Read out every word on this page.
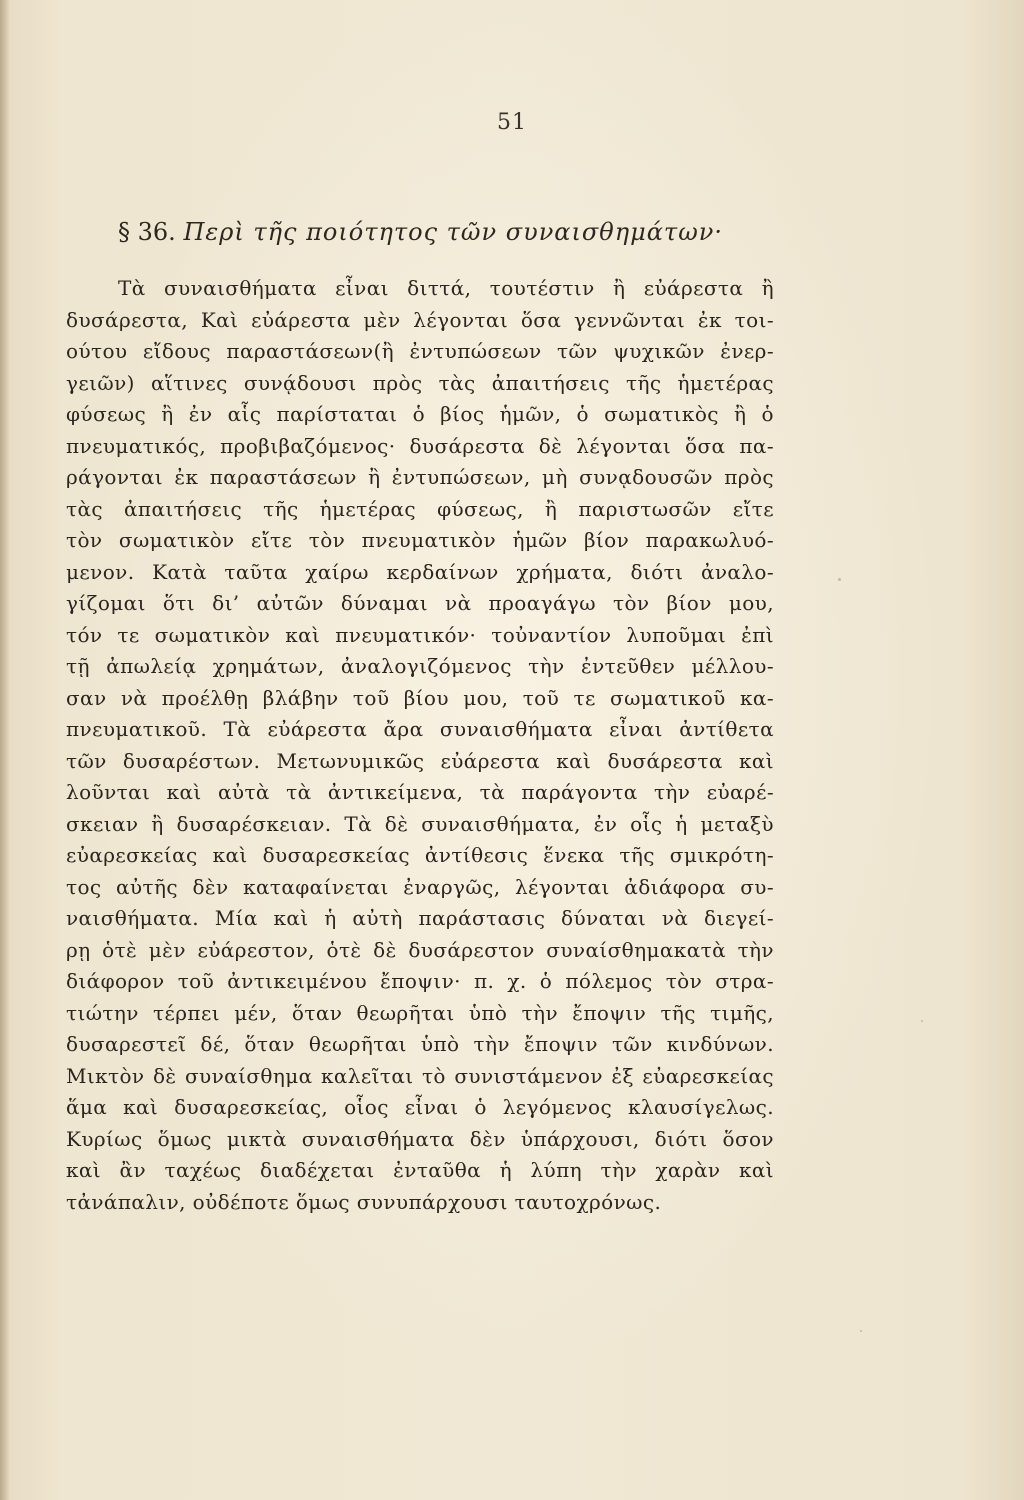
51
§ 36. Περὶ τῆς ποιότητος τῶν συναισθημάτων·
Τὰ συναισθήματα εἶναι διττά, τουτέστιν ἢ εὐάρεστα ἢ
δυσάρεστα, Καὶ εὐάρεστα μὲν λέγονται ὅσα γεννῶνται ἐκ τοι-
ούτου εἴδους παραστάσεων(ἢ ἐντυπώσεων τῶν ψυχικῶν ἐνερ-
γειῶν) αἵτινες συνᾴδουσι πρὸς τὰς ἀπαιτήσεις τῆς ἡμετέρας
φύσεως ἢ ἐν αἷς παρίσταται ὁ βίος ἡμῶν, ὁ σωματικὸς ἢ ὁ
πνευματικός, προβιβαζόμενος· δυσάρεστα δὲ λέγονται ὅσα πα-
ράγονται ἐκ παραστάσεων ἢ ἐντυπώσεων, μὴ συνᾳδουσῶν πρὸς
τὰς ἀπαιτήσεις τῆς ἡμετέρας φύσεως, ἢ παριστωσῶν εἴτε
τὸν σωματικὸν εἴτε τὸν πνευματικὸν ἡμῶν βίον παρακωλυό-
μενον. Κατὰ ταῦτα χαίρω κερδαίνων χρήματα, διότι ἀναλο-
γίζομαι ὅτι δι’ αὐτῶν δύναμαι νὰ προαγάγω τὸν βίον μου,
τόν τε σωματικὸν καὶ πνευματικόν· τοὐναντίον λυποῦμαι ἐπὶ
τῇ ἀπωλείᾳ χρημάτων, ἀναλογιζόμενος τὴν ἐντεῦθεν μέλλου-
σαν νὰ προέλθῃ βλάβην τοῦ βίου μου, τοῦ τε σωματικοῦ κα-
πνευματικοῦ. Τὰ εὐάρεστα ἄρα συναισθήματα εἶναι ἀντίθετα
τῶν δυσαρέστων. Μετωνυμικῶς εὐάρεστα καὶ δυσάρεστα καὶ
λοῦνται καὶ αὐτὰ τὰ ἀντικείμενα, τὰ παράγοντα τὴν εὐαρέ-
σκειαν ἢ δυσαρέσκειαν. Τὰ δὲ συναισθήματα, ἐν οἷς ἡ μεταξὺ
εὐαρεσκείας καὶ δυσαρεσκείας ἀντίθεσις ἕνεκα τῆς σμικρότη-
τος αὐτῆς δὲν καταφαίνεται ἐναργῶς, λέγονται ἀδιάφορα συ-
ναισθήματα. Μία καὶ ἡ αὐτὴ παράστασις δύναται νὰ διεγεί-
ρῃ ὁτὲ μὲν εὐάρεστον, ὁτὲ δὲ δυσάρεστον συναίσθημακατὰ τὴν
διάφορον τοῦ ἀντικειμένου ἔποψιν· π. χ. ὁ πόλεμος τὸν στρα-
τιώτην τέρπει μέν, ὅταν θεωρῆται ὑπὸ τὴν ἔποψιν τῆς τιμῆς,
δυσαρεστεῖ δέ, ὅταν θεωρῆται ὑπὸ τὴν ἔποψιν τῶν κινδύνων.
Μικτὸν δὲ συναίσθημα καλεῖται τὸ συνιστάμενον ἐξ εὐαρεσκείας
ἅμα καὶ δυσαρεσκείας, οἷος εἶναι ὁ λεγόμενος κλαυσίγελως.
Κυρίως ὅμως μικτὰ συναισθήματα δὲν ὑπάρχουσι, διότι ὅσον
καὶ ἂν ταχέως διαδέχεται ἐνταῦθα ἡ λύπη τὴν χαρὰν καὶ
τἀνάπαλιν, οὐδέποτε ὅμως συνυπάρχουσι ταυτοχρόνως.
